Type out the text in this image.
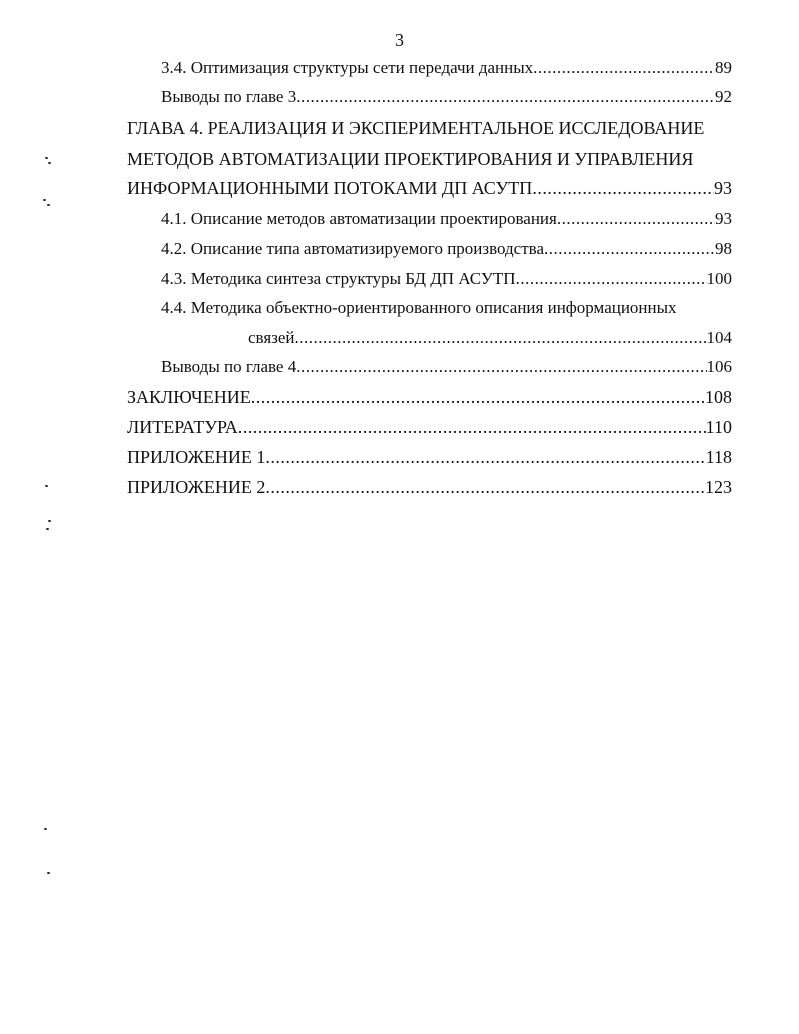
3
3.4. Оптимизация структуры сети передачи данных .....	89
Выводы по главе 3 .....	92
ГЛАВА 4. РЕАЛИЗАЦИЯ И ЭКСПЕРИМЕНТАЛЬНОЕ ИССЛЕДОВАНИЕ
МЕТОДОВ АВТОМАТИЗАЦИИ ПРОЕКТИРОВАНИЯ И УПРАВЛЕНИЯ
ИНФОРМАЦИОННЫМИ ПОТОКАМИ ДП АСУТП .....	93
4.1. Описание методов автоматизации проектирования .....	93
4.2. Описание типа автоматизируемого производства .....	98
4.3. Методика синтеза структуры БД ДП АСУТП .....	100
4.4. Методика объектно-ориентированного описания информационных
связей .....	104
Выводы по главе 4 .....	106
ЗАКЛЮЧЕНИЕ .....	108
ЛИТЕРАТУРА .....	110
ПРИЛОЖЕНИЕ 1 .....	118
ПРИЛОЖЕНИЕ 2 .....	123
